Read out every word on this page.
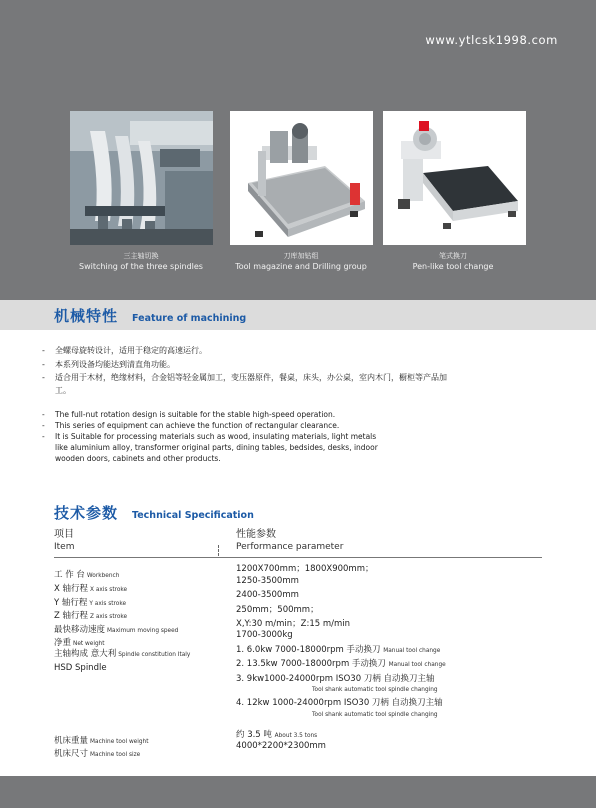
www.ytlcsk1998.com
三主轴切换
Switching of the three spindles
刀库加钻组
Tool magazine and Drilling group
笔式换刀
Pen-like tool change
机械特性 Feature of machining
- 全螺母旋转设计，适用于稳定的高速运行。
- 本系列设备均能达到清直角功能。
- 适合用于木材，绝缘材料，合金铝等轻金属加工，变压器原件，餐桌，床头，办公桌，室内木门，橱柜等产品加工。
- The full-nut rotation design is suitable for the stable high-speed operation.
- This series of equipment can achieve the function of rectangular clearance.
- It is Suitable for processing materials such as wood, insulating materials, light metals like aluminium alloy, transformer original parts, dining tables, bedsides, desks, indoor wooden doors, cabinets and other products.
技术参数 Technical Specification
项目
Item
性能参数
Performance parameter
工 作 台 Workbench
1200X700mm；1800X900mm；
X 轴行程 X axis stroke
1250-3500mm
Y 轴行程 Y axis stroke
2400-3500mm
Z 轴行程 Z axis stroke
250mm；500mm；
最快移动速度 Maximum moving speed
X,Y:30 m/min；Z:15 m/min
净重 Net weight
1700-3000kg
主轴构成 意大利 Spindle constitution Italy
HSD Spindle
1. 6.0kw 7000-18000rpm 手动换刀 Manual tool change
2. 13.5kw 7000-18000rpm 手动换刀 Manual tool change
3. 9kw1000-24000rpm ISO30 刀柄 自动换刀主轴
Tool shank automatic tool spindle changing
4. 12kw 1000-24000rpm ISO30 刀柄 自动换刀主轴
Tool shank automatic tool spindle changing
机床重量 Machine tool weight
约 3.5 吨 About 3.5 tons
机床尺寸 Machine tool size
4000*2200*2300mm
